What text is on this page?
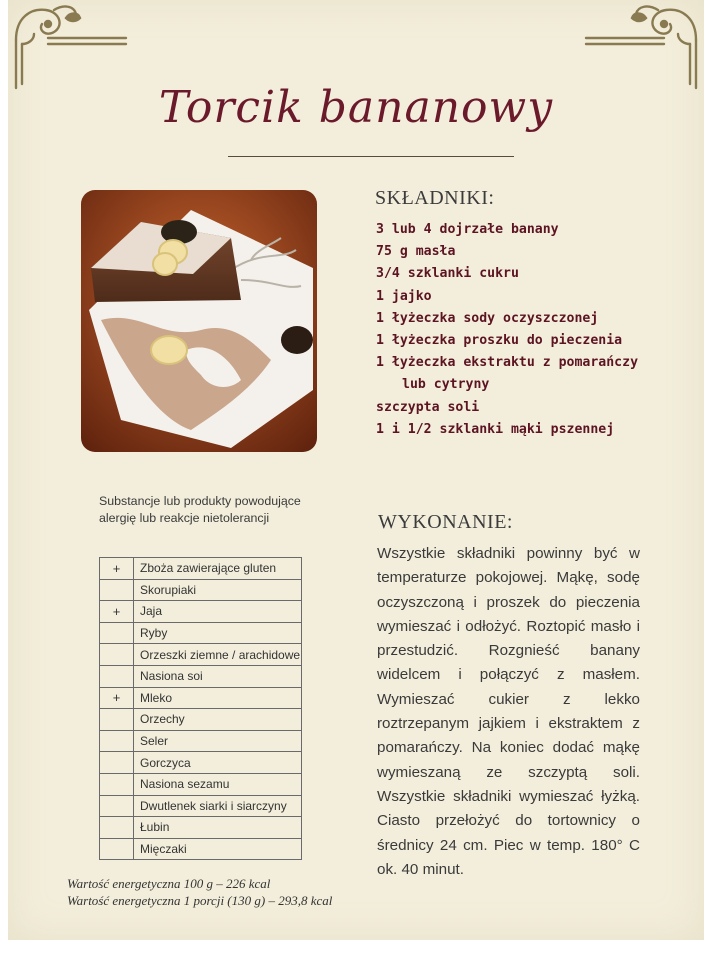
Torcik bananowy
SKŁADNIKI:
3 lub 4 dojrzałe banany
75 g masła
3/4 szklanki cukru
1 jajko
1 łyżeczka sody oczyszczonej
1 łyżeczka proszku do pieczenia
1 łyżeczka ekstraktu z pomarańczy
lub cytryny
szczypta soli
1 i 1/2 szklanki mąki pszennej
Substancje lub produkty powodujące alergię lub reakcje nietolerancji
+	Zboża zawierające gluten
	Skorupiaki
+	Jaja
	Ryby
	Orzeszki ziemne / arachidowe
	Nasiona soi
+	Mleko
	Orzechy
	Seler
	Gorczyca
	Nasiona sezamu
	Dwutlenek siarki i siarczyny
	Łubin
	Mięczaki
WYKONANIE:
Wszystkie składniki powinny być w temperaturze pokojowej. Mąkę, sodę oczyszczoną i proszek do pieczenia wymieszać i odłożyć. Roztopić masło i przestudzić. Rozgnieść banany widelcem i połączyć z masłem. Wymieszać cukier z lekko roztrzepanym jajkiem i ekstraktem z pomarańczy. Na koniec dodać mąkę wymieszaną ze szczyptą soli. Wszystkie składniki wymieszać łyżką. Ciasto przełożyć do tortownicy o średnicy 24 cm. Piec w temp. 180° C ok. 40 minut.
Wartość energetyczna 100 g – 226 kcal
Wartość energetyczna 1 porcji (130 g) – 293,8 kcal
